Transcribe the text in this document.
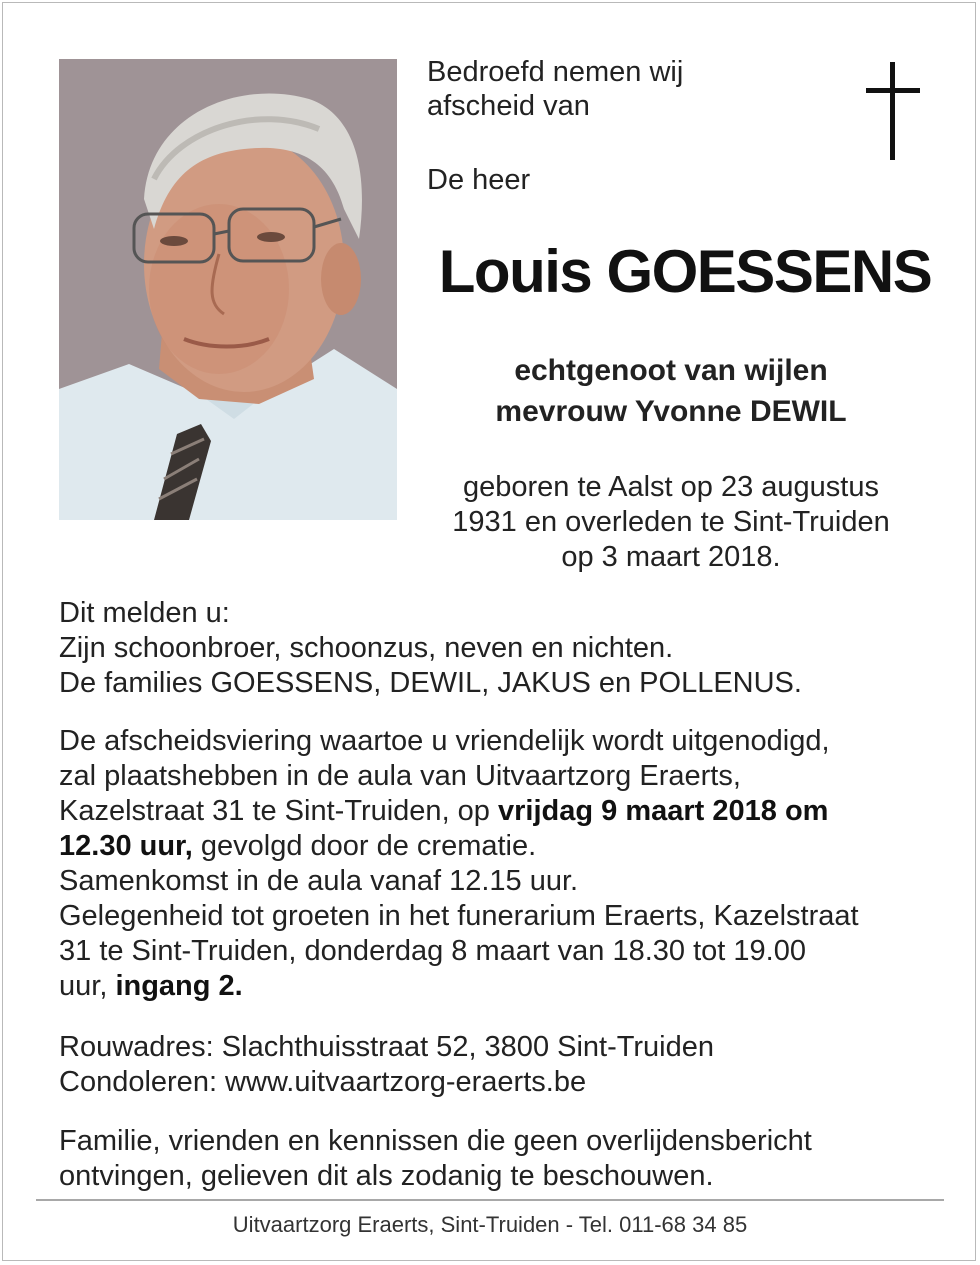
Bedroefd nemen wij
afscheid van
De heer
Louis GOESSENS
echtgenoot van wijlen
mevrouw Yvonne DEWIL
geboren te Aalst op 23 augustus
1931 en overleden te Sint-Truiden
op 3 maart 2018.
Dit melden u:
Zijn schoonbroer, schoonzus, neven en nichten.
De families GOESSENS, DEWIL, JAKUS en POLLENUS.
De afscheidsviering waartoe u vriendelijk wordt uitgenodigd,
zal plaatshebben in de aula van Uitvaartzorg Eraerts,
Kazelstraat 31 te Sint-Truiden, op vrijdag 9 maart 2018 om
12.30 uur, gevolgd door de crematie.
Samenkomst in de aula vanaf 12.15 uur.
Gelegenheid tot groeten in het funerarium Eraerts, Kazelstraat
31 te Sint-Truiden, donderdag 8 maart van 18.30 tot 19.00
uur, ingang 2.
Rouwadres: Slachthuisstraat 52, 3800 Sint-Truiden
Condoleren: www.uitvaartzorg-eraerts.be
Familie, vrienden en kennissen die geen overlijdensbericht
ontvingen, gelieven dit als zodanig te beschouwen.
Uitvaartzorg Eraerts, Sint-Truiden - Tel. 011-68 34 85
